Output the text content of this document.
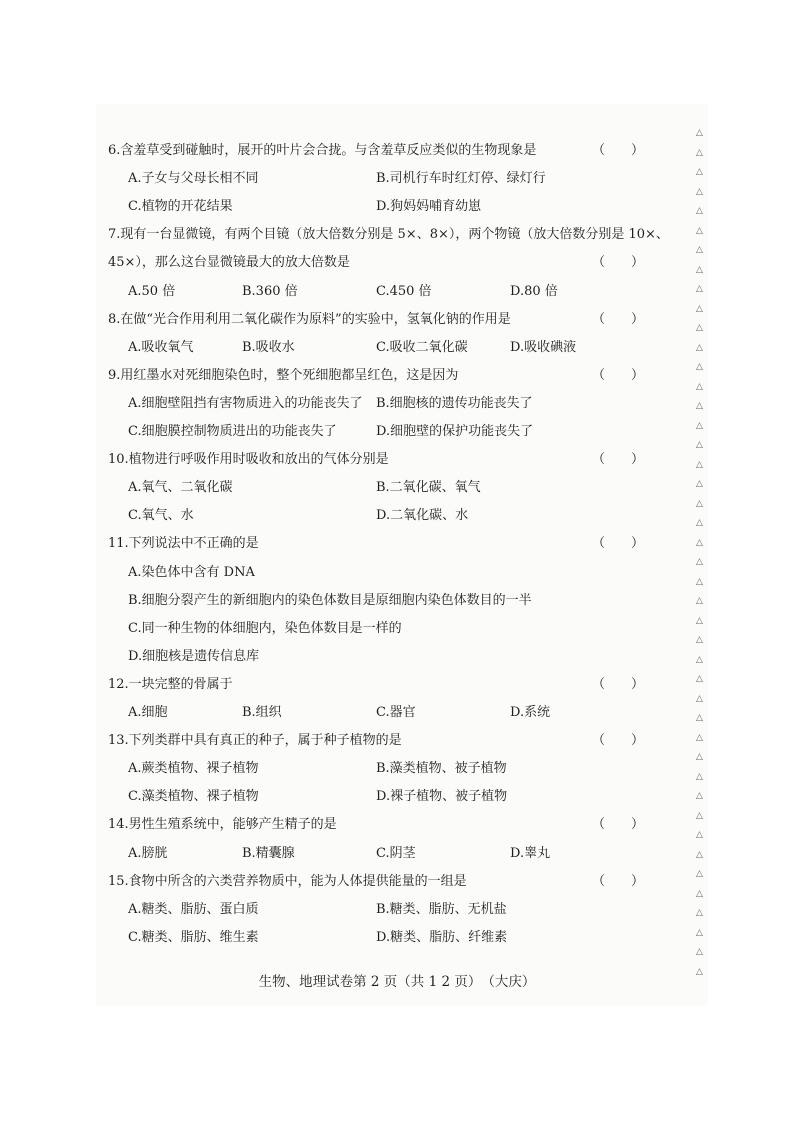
6.含羞草受到碰触时，展开的叶片会合拢。与含羞草反应类似的生物现象是	（　　）
A.子女与父母长相不同	B.司机行车时红灯停、绿灯行
C.植物的开花结果	D.狗妈妈哺育幼崽
7.现有一台显微镜，有两个目镜（放大倍数分别是 5×、8×），两个物镜（放大倍数分别是 10×、
45×），那么这台显微镜最大的放大倍数是	（　　）
A.50 倍	B.360 倍	C.450 倍	D.80 倍
8.在做“光合作用利用二氧化碳作为原料”的实验中，氢氧化钠的作用是	（　　）
A.吸收氧气	B.吸收水	C.吸收二氧化碳	D.吸收碘液
9.用红墨水对死细胞染色时，整个死细胞都呈红色，这是因为	（　　）
A.细胞壁阻挡有害物质进入的功能丧失了 B.细胞核的遗传功能丧失了
C.细胞膜控制物质进出的功能丧失了	D.细胞壁的保护功能丧失了
10.植物进行呼吸作用时吸收和放出的气体分别是	（　　）
A.氧气、二氧化碳	B.二氧化碳、氧气
C.氧气、水	D.二氧化碳、水
11.下列说法中不正确的是	（　　）
A.染色体中含有 DNA
B.细胞分裂产生的新细胞内的染色体数目是原细胞内染色体数目的一半
C.同一种生物的体细胞内，染色体数目是一样的
D.细胞核是遗传信息库
12.一块完整的骨属于	（　　）
A.细胞	B.组织	C.器官	D.系统
13.下列类群中具有真正的种子，属于种子植物的是	（　　）
A.蕨类植物、裸子植物	B.藻类植物、被子植物
C.藻类植物、裸子植物	D.裸子植物、被子植物
14.男性生殖系统中，能够产生精子的是	（　　）
A.膀胱	B.精囊腺	C.阴茎	D.睾丸
15.食物中所含的六类营养物质中，能为人体提供能量的一组是	（　　）
A.糖类、脂肪、蛋白质	B.糖类、脂肪、无机盐
C.糖类、脂肪、维生素	D.糖类、脂肪、纤维素
△
△
△
△
△
△
△
△
△
△
△
△
△
△
△
△
△
△
△
△
△
△
△
△
△
△
△
△
△
△
△
△
△
△
△
△
△
△
△
△
△
△
△
△
生物、地理试卷第 2 页（共 1 2 页）　（大庆）
